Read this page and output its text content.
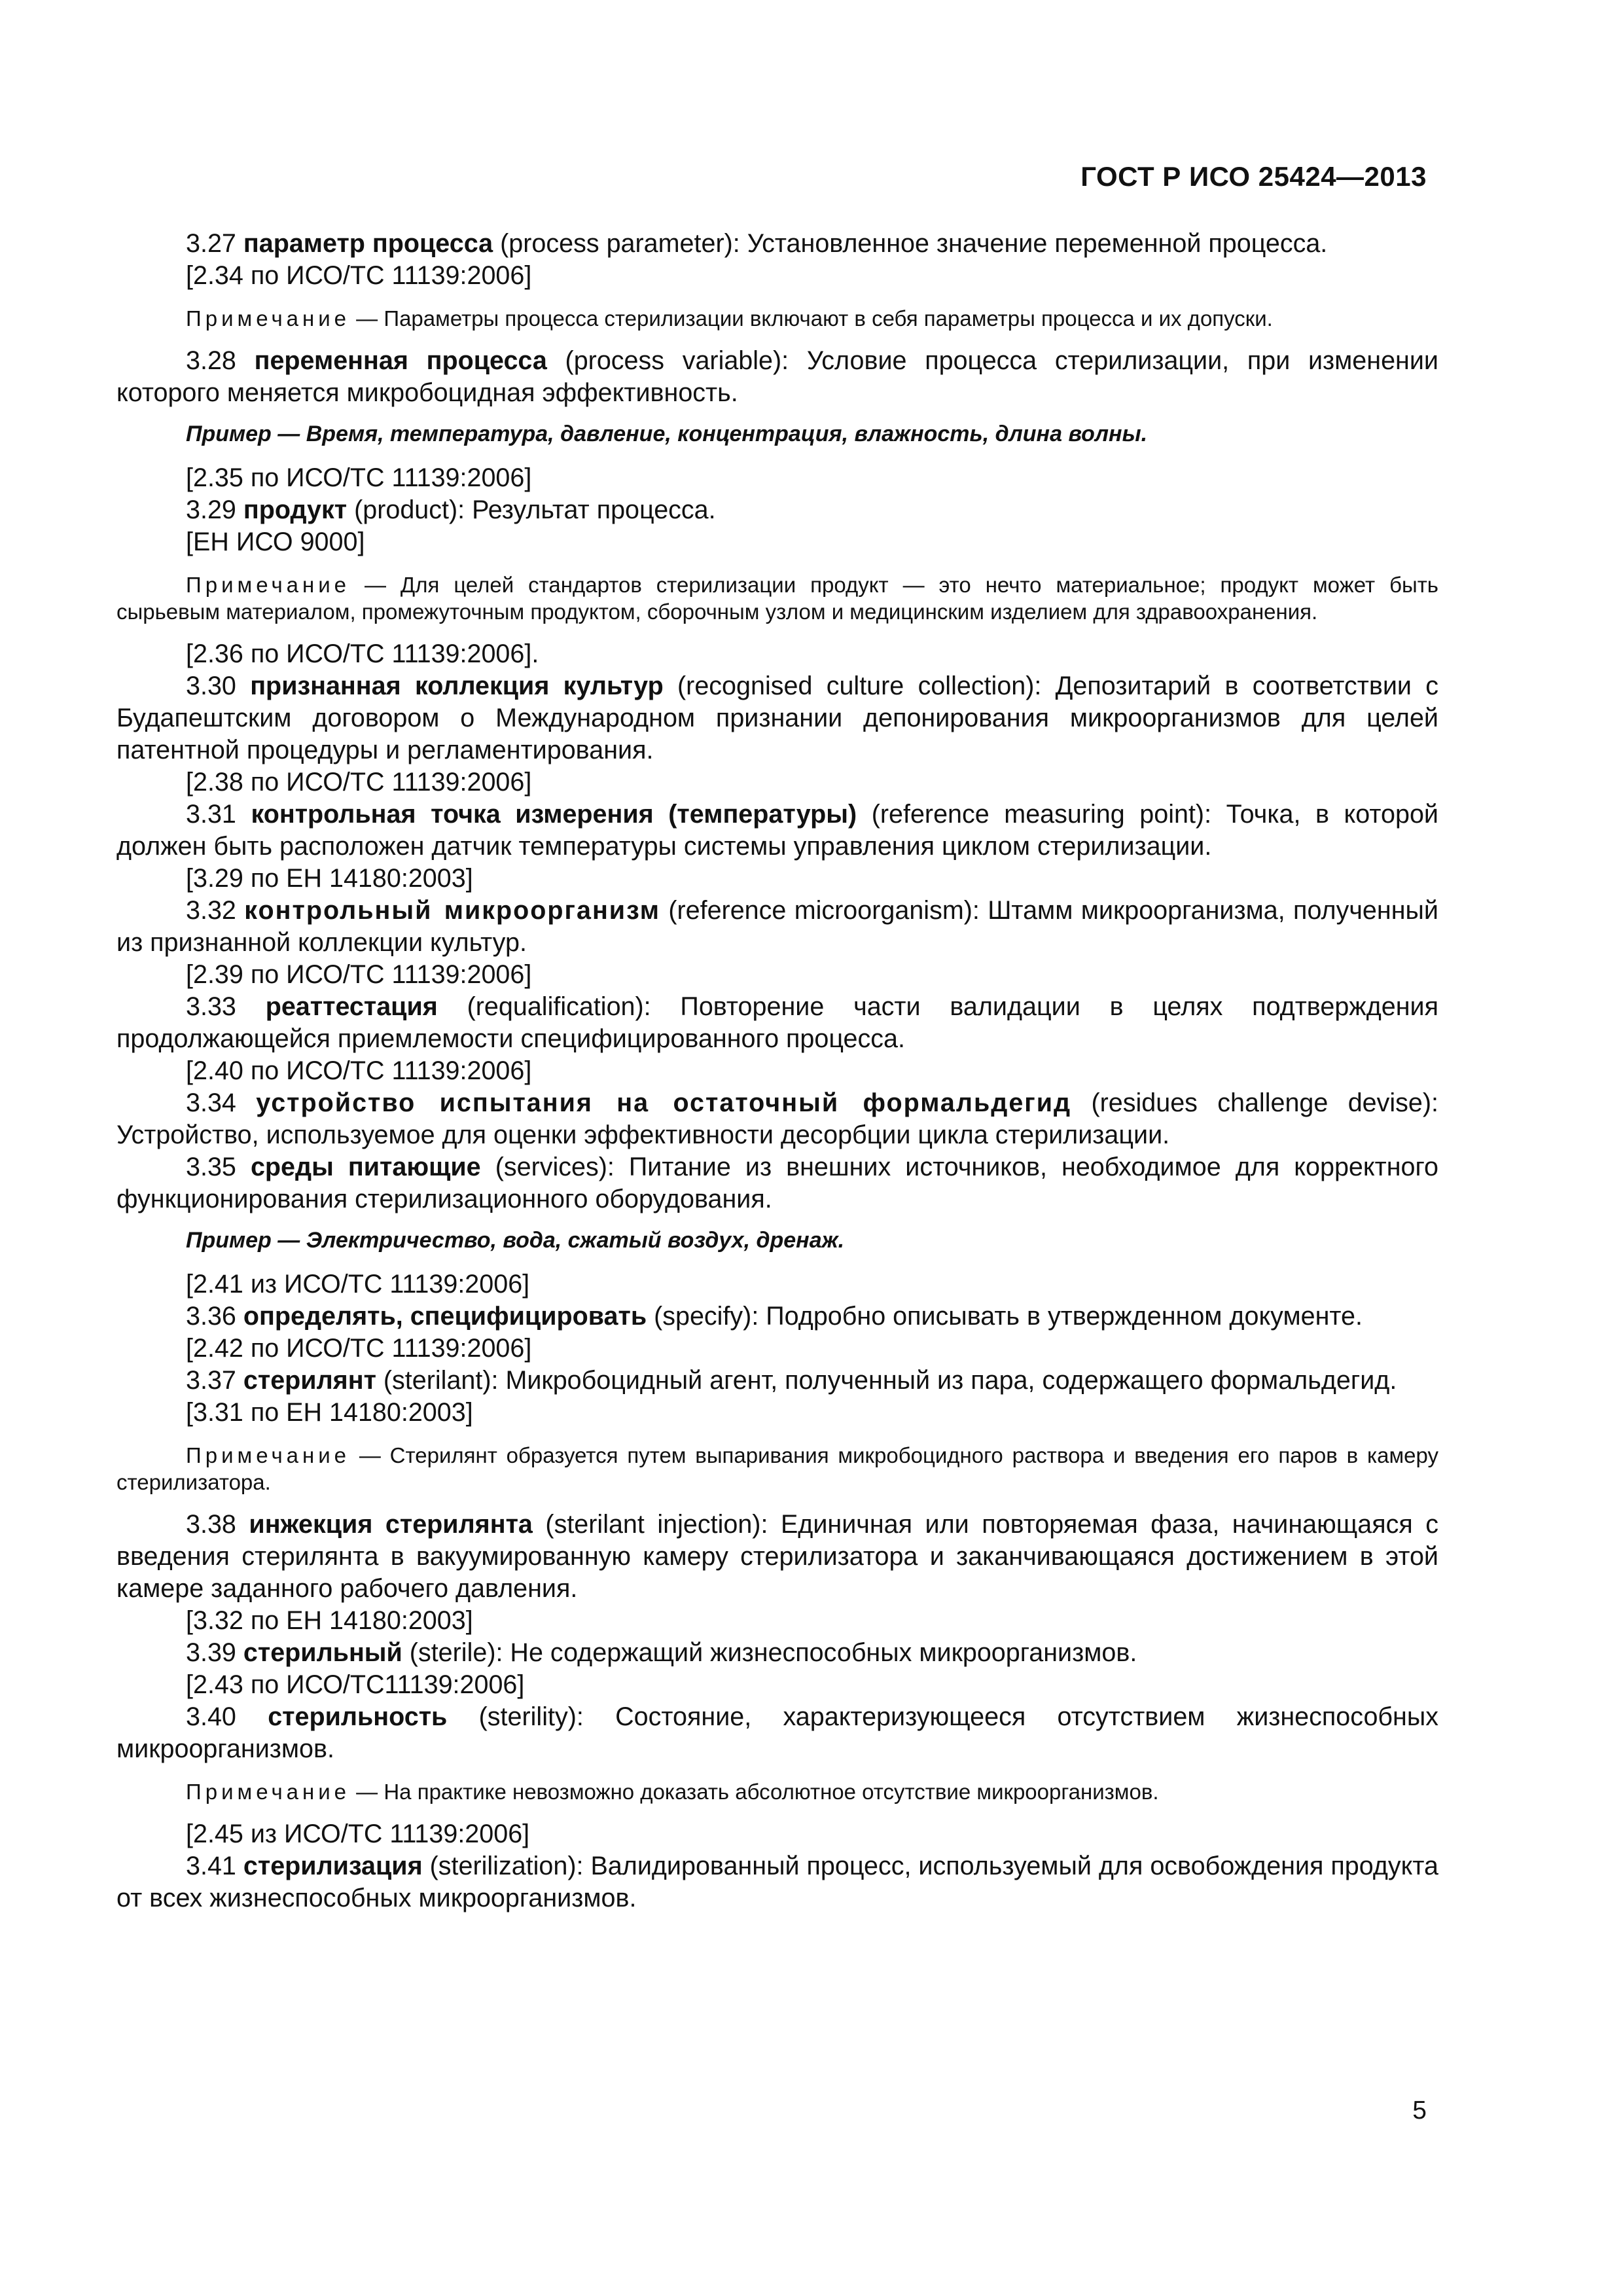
ГОСТ Р ИСО 25424—2013

3.27 параметр процесса (process parameter): Установленное значение переменной процесса.

[2.34 по ИСО/ТС 11139:2006]

Примечание — Параметры процесса стерилизации включают в себя параметры процесса и их допуски.

3.28 переменная процесса (process variable): Условие процесса стерилизации, при изменении которого меняется микробоцидная эффективность.

Пример — Время, температура, давление, концентрация, влажность, длина волны.

[2.35 по ИСО/ТС 11139:2006]

3.29 продукт (product): Результат процесса.

[ЕН ИСО 9000]

Примечание — Для целей стандартов стерилизации продукт — это нечто материальное; продукт может быть сырьевым материалом, промежуточным продуктом, сборочным узлом и медицинским изделием для здравоохранения.

[2.36 по ИСО/ТС 11139:2006].

3.30 признанная коллекция культур (recognised culture collection): Депозитарий в соответствии с Будапештским договором о Международном признании депонирования микроорганизмов для целей патентной процедуры и регламентирования.

[2.38 по ИСО/ТС 11139:2006]

3.31 контрольная точка измерения (температуры) (reference measuring point): Точка, в которой должен быть расположен датчик температуры системы управления циклом стерилизации.

[3.29 по ЕН 14180:2003]

3.32 контрольный микроорганизм (reference microorganism): Штамм микроорганизма, полученный из признанной коллекции культур.

[2.39 по ИСО/ТС 11139:2006]

3.33 реаттестация (requalification): Повторение части валидации в целях подтверждения продолжающейся приемлемости специфицированного процесса.

[2.40 по ИСО/ТС 11139:2006]

3.34 устройство испытания на остаточный формальдегид (residues challenge devise): Устройство, используемое для оценки эффективности десорбции цикла стерилизации.

3.35 среды питающие (services): Питание из внешних источников, необходимое для корректного функционирования стерилизационного оборудования.

Пример — Электричество, вода, сжатый воздух, дренаж.

[2.41 из ИСО/ТС 11139:2006]

3.36 определять, специфицировать (specify): Подробно описывать в утвержденном документе.

[2.42 по ИСО/ТС 11139:2006]

3.37 стерилянт (sterilant): Микробоцидный агент, полученный из пара, содержащего формальдегид.

[3.31 по ЕН 14180:2003]

Примечание — Стерилянт образуется путем выпаривания микробоцидного раствора и введения его паров в камеру стерилизатора.

3.38 инжекция стерилянта (sterilant injection): Единичная или повторяемая фаза, начинающаяся с введения стерилянта в вакуумированную камеру стерилизатора и заканчивающаяся достижением в этой камере заданного рабочего давления.

[3.32 по ЕН 14180:2003]

3.39 стерильный (sterile): Не содержащий жизнеспособных микроорганизмов.

[2.43 по ИСО/ТС11139:2006]

3.40 стерильность (sterility): Состояние, характеризующееся отсутствием жизнеспособных микроорганизмов.

Примечание — На практике невозможно доказать абсолютное отсутствие микроорганизмов.

[2.45 из ИСО/ТС 11139:2006]

3.41 стерилизация (sterilization): Валидированный процесс, используемый для освобождения продукта от всех жизнеспособных микроорганизмов.

5
